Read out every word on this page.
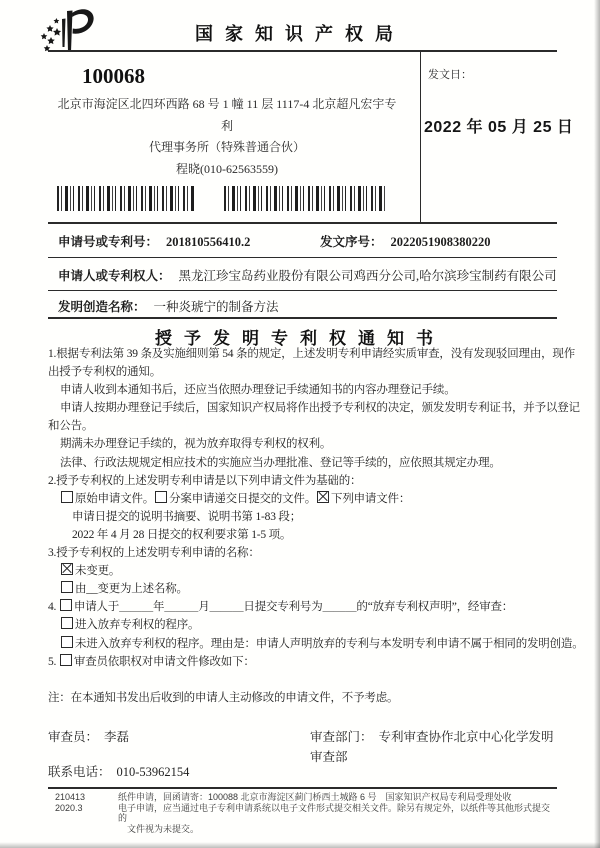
国家知识产权局
100068
北京市海淀区北四环西路 68 号 1 幢 11 层 1117-4 北京超凡宏宇专利
代理事务所（特殊普通合伙）
程晓(010-62563559)
发文日：
2022 年 05 月 25 日
申请号或专利号： 201810556410.2	发文序号： 2022051908380220
申请人或专利权人： 黑龙江珍宝岛药业股份有限公司鸡西分公司,哈尔滨珍宝制药有限公司
发明创造名称： 一种炎琥宁的制备方法
授予发明专利权通知书
1.根据专利法第 39 条及实施细则第 54 条的规定，上述发明专利申请经实质审查，没有发现驳回理由，现作
出授予专利权的通知。
申请人收到本通知书后，还应当依照办理登记手续通知书的内容办理登记手续。
申请人按期办理登记手续后，国家知识产权局将作出授予专利权的决定，颁发发明专利证书，并予以登记
和公告。
期满未办理登记手续的，视为放弃取得专利权的权利。
法律、行政法规规定相应技术的实施应当办理批准、登记等手续的，应依照其规定办理。
2.授予专利权的上述发明专利申请是以下列申请文件为基础的：
原始申请文件。 分案申请递交日提交的文件。 下列申请文件：
申请日提交的说明书摘要、说明书第 1-83 段；
2022 年 4 月 28 日提交的权利要求第 1-5 项。
3.授予专利权的上述发明专利申请的名称：
未变更。
由__变更为上述名称。
4. 申请人于＿＿＿年＿＿＿月＿＿＿日提交专利号为＿＿＿的“放弃专利权声明”，经审查：
进入放弃专利权的程序。
未进入放弃专利权的程序。理由是：申请人声明放弃的专利与本发明专利申请不属于相同的发明创造。
5. 审查员依职权对申请文件修改如下：
注：在本通知书发出后收到的申请人主动修改的申请文件，不予考虑。
审查员： 李磊	审查部门： 专利审查协作北京中心化学发明
审查部
联系电话： 010-53962154
210413
2020.3
纸件申请，回函请寄：100088 北京市海淀区蓟门桥西土城路 6 号　国家知识产权局专利局受理处收
电子申请，应当通过电子专利申请系统以电子文件形式提交相关文件。除另有规定外，以纸件等其他形式提交的
文件视为未提交。
